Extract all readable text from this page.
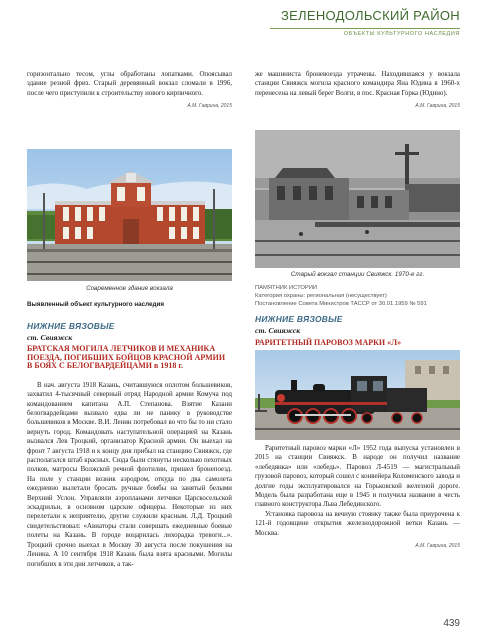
ЗЕЛЕНОДОЛЬСКИЙ РАЙОН
ОБЪЕКТЫ КУЛЬТУРНОГО НАСЛЕДИЯ

горизонтально тесом, углы обработаны лопатками. Опоясывал здание резной фриз. Старый деревянный вокзал сломали в 1996, после чего приступили к строительству нового кирпичного.

А.М. Гаврина, 2015

же машиниста броневоезда утрачены. Находившаяся у вокзала станции Свияжск могила красного командира Яна Юдина в 1960-х перенесена на левый берег Волги, в пос. Красная Горка (Юдино).

А.М. Гаврина, 2015

Современное здание вокзала
Старый вокзал станции Свияжск. 1970-е гг.
Выявленный объект культурного наследия
НИЖНИЕ ВЯЗОВЫЕ
ст. Свияжск
БРАТСКАЯ МОГИЛА ЛЕТЧИКОВ И МЕХАНИКА ПОЕЗДА, ПОГИБШИХ БОЙЦОВ КРАСНОЙ АРМИИ В БОЯХ С БЕЛОГВАРДЕЙЦАМИ в 1918 г.

В нач. августа 1918 Казань, считавшуюся оплотом большевиков, захватил 4-тысячный северный отряд Народной армии Комуча под командованием капитана А.П. Степанова. Взятие Казани белогвардейцами вызвало едва ли не панику в руководстве большевиков в Москве. В.И. Ленин потребовал во что бы то ни стало вернуть город. Командовать наступательной операцией на Казань вызвался Лев Троцкий, организатор Красной армии. Он выехал на фронт 7 августа 1918 и к концу дня прибыл на станцию Свияжск, где располагался штаб красных. Сюда были стянуты несколько пехотных полков, матросы Волжской речной флотилии, пришел бронепоезд. На поле у станции возник аэродром, откуда по два самолета ежедневно вылетали бросать ручные бомбы на занятый белыми Верхний Услон. Управляли аэропланами летчики Царскосельской эскадрильи, в основном царские офицеры. Некоторые из них перелетали к неприятелю, другие служили красным. Л.Д. Троцкий свидетельствовал: «Авиаторы стали совершать ежедневные боевые полеты на Казань. В городе воцарилась лихорадка тревоги...». Троцкий срочно выехал в Москву 30 августа после покушения на Ленина. А 10 сентября 1918 Казань была взята красными. Могилы погибших в эти дни летчиков, а так-

ПАМЯТНИК ИСТОРИИ
Категория охраны: региональная (несуществует)
Постановление Совета Министров ТАССР от 30.01.1959 № 591
НИЖНИЕ ВЯЗОВЫЕ
ст. Свияжск
РАРИТЕТНЫЙ ПАРОВОЗ МАРКИ «Л»

Раритетный паровоз марки «Л» 1952 года выпуска установлен в 2015 на станции Свияжск. В народе он получил название «лебедянка» или «лебедь». Паровоз Л-4519 — магистральный грузовой паровоз, который сошел с конвейера Коломенского завода и долгие годы эксплуатировался на Горьковской железной дороге. Модель была разработана еще в 1945 и получила название в честь главного конструктора Льва Лебединского.

Установка паровоза на вечную стоянку также была приурочена к 121-й годовщине открытия железнодорожной ветки Казань — Москва.

А.М. Гаврина, 2015

439
